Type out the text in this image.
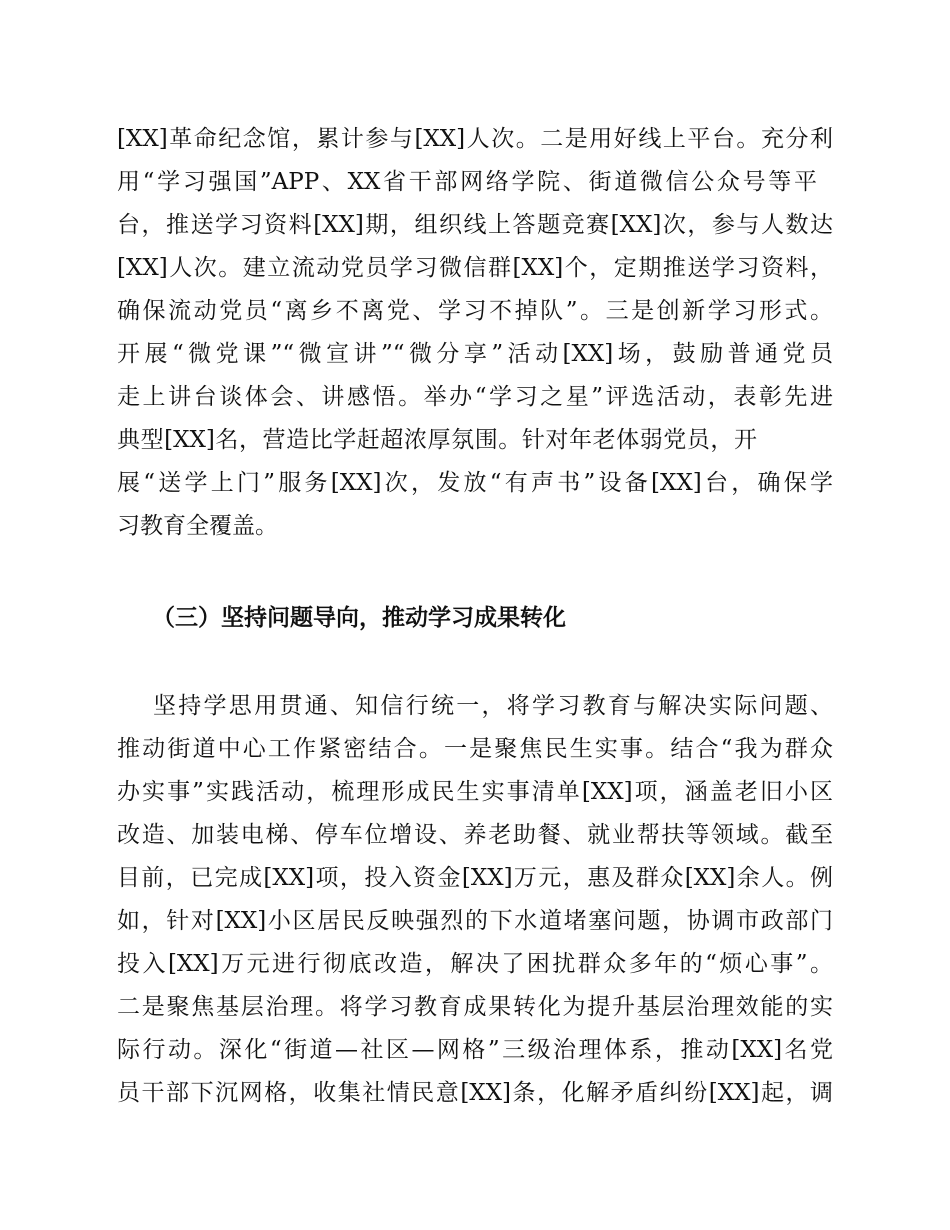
[XX]革命纪念馆，累计参与[XX]人次。二是用好线上平台。充分利
用“学习强国”APP、XX省干部网络学院、街道微信公众号等平
台，推送学习资料[XX]期，组织线上答题竞赛[XX]次，参与人数达
[XX]人次。建立流动党员学习微信群[XX]个，定期推送学习资料，
确保流动党员“离乡不离党、学习不掉队”。三是创新学习形式。
开展“微党课”“微宣讲”“微分享”活动[XX]场，鼓励普通党员
走上讲台谈体会、讲感悟。举办“学习之星”评选活动，表彰先进
典型[XX]名，营造比学赶超浓厚氛围。针对年老体弱党员，开
展“送学上门”服务[XX]次，发放“有声书”设备[XX]台，确保学
习教育全覆盖。
（三）坚持问题导向，推动学习成果转化
坚持学思用贯通、知信行统一，将学习教育与解决实际问题、
推动街道中心工作紧密结合。一是聚焦民生实事。结合“我为群众
办实事”实践活动，梳理形成民生实事清单[XX]项，涵盖老旧小区
改造、加装电梯、停车位增设、养老助餐、就业帮扶等领域。截至
目前，已完成[XX]项，投入资金[XX]万元，惠及群众[XX]余人。例
如，针对[XX]小区居民反映强烈的下水道堵塞问题，协调市政部门
投入[XX]万元进行彻底改造，解决了困扰群众多年的“烦心事”。
二是聚焦基层治理。将学习教育成果转化为提升基层治理效能的实
际行动。深化“街道—社区—网格”三级治理体系，推动[XX]名党
员干部下沉网格，收集社情民意[XX]条，化解矛盾纠纷[XX]起，调
